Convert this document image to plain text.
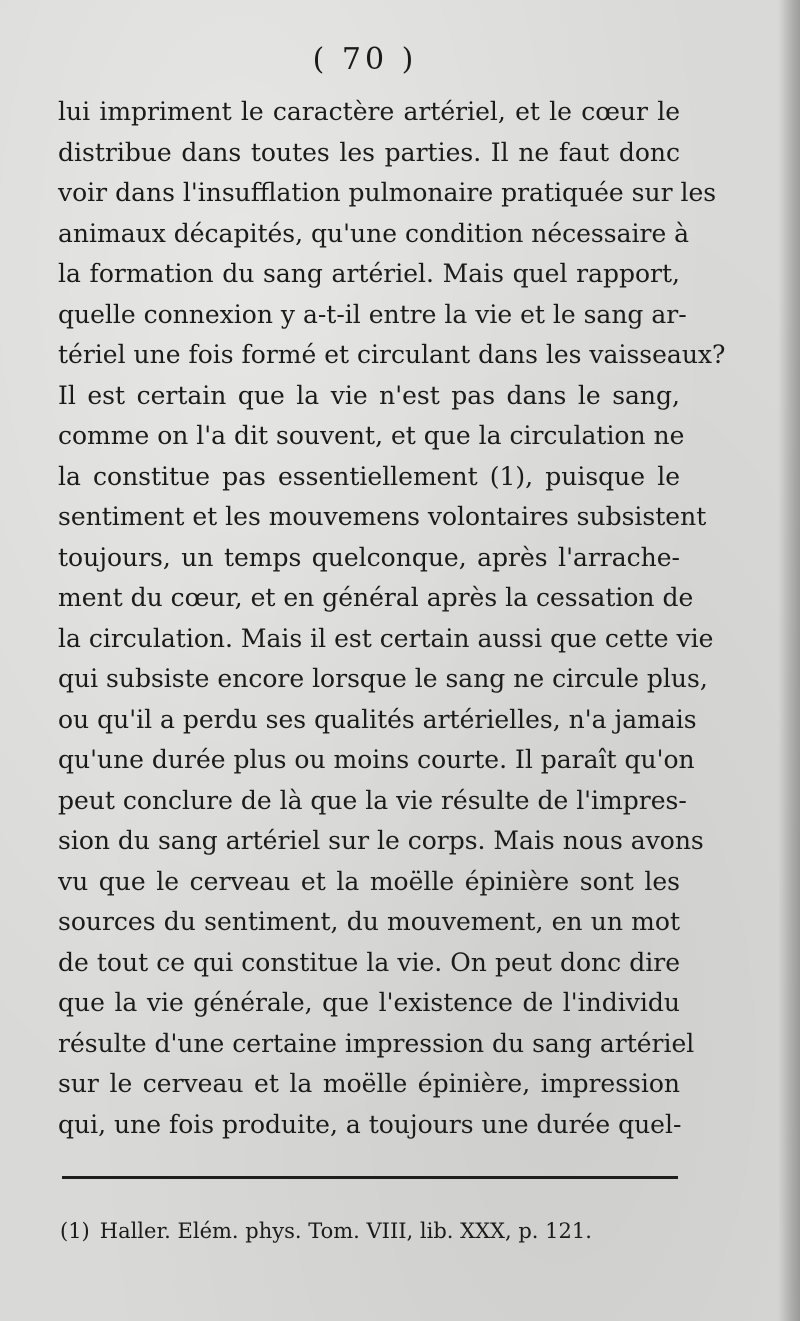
( 70 )
lui impriment le caractère artériel, et le cœur le
distribue dans toutes les parties. Il ne faut donc
voir dans l'insufflation pulmonaire pratiquée sur les
animaux décapités, qu'une condition nécessaire à
la formation du sang artériel. Mais quel rapport,
quelle connexion y a-t-il entre la vie et le sang ar-
tériel une fois formé et circulant dans les vaisseaux?
Il est certain que la vie n'est pas dans le sang,
comme on l'a dit souvent, et que la circulation ne
la constitue pas essentiellement (1), puisque le
sentiment et les mouvemens volontaires subsistent
toujours, un temps quelconque, après l'arrache-
ment du cœur, et en général après la cessation de
la circulation. Mais il est certain aussi que cette vie
qui subsiste encore lorsque le sang ne circule plus,
ou qu'il a perdu ses qualités artérielles, n'a jamais
qu'une durée plus ou moins courte. Il paraît qu'on
peut conclure de là que la vie résulte de l'impres-
sion du sang artériel sur le corps. Mais nous avons
vu que le cerveau et la moëlle épinière sont les
sources du sentiment, du mouvement, en un mot
de tout ce qui constitue la vie. On peut donc dire
que la vie générale, que l'existence de l'individu
résulte d'une certaine impression du sang artériel
sur le cerveau et la moëlle épinière, impression
qui, une fois produite, a toujours une durée quel-
(1) Haller. Elém. phys. Tom. VIII, lib. XXX, p. 121.
